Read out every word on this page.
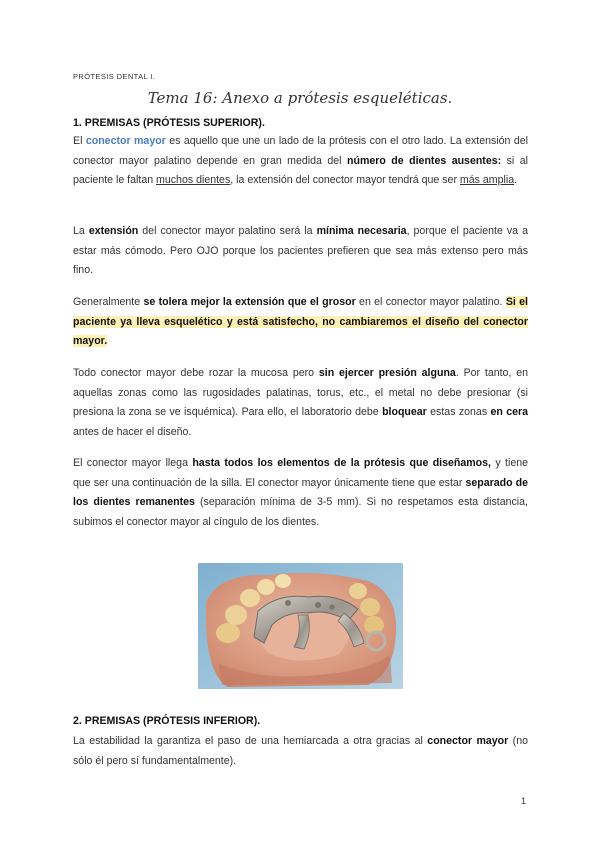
PRÓTESIS DENTAL I.
Tema 16: Anexo a prótesis esqueléticas.
1. PREMISAS (PRÓTESIS SUPERIOR).
El conector mayor es aquello que une un lado de la prótesis con el otro lado. La extensión del conector mayor palatino depende en gran medida del número de dientes ausentes: si al paciente le faltan muchos dientes, la extensión del conector mayor tendrá que ser más amplia.
La extensión del conector mayor palatino será la mínima necesaria, porque el paciente va a estar más cómodo. Pero OJO porque los pacientes prefieren que sea más extenso pero más fino.
Generalmente se tolera mejor la extensión que el grosor en el conector mayor palatino. Si el paciente ya lleva esquelético y está satisfecho, no cambiaremos el diseño del conector mayor.
Todo conector mayor debe rozar la mucosa pero sin ejercer presión alguna. Por tanto, en aquellas zonas como las rugosidades palatinas, torus, etc., el metal no debe presionar (si presiona la zona se ve isquémica). Para ello, el laboratorio debe bloquear estas zonas en cera antes de hacer el diseño.
El conector mayor llega hasta todos los elementos de la prótesis que diseñamos, y tiene que ser una continuación de la silla. El conector mayor únicamente tiene que estar separado de los dientes remanentes (separación mínima de 3-5 mm). Si no respetamos esta distancia, subimos el conector mayor al cíngulo de los dientes.
2. PREMISAS (PRÓTESIS INFERIOR).
La estabilidad la garantiza el paso de una hemiarcada a otra gracias al conector mayor (no sólo él pero sí fundamentalmente).
1
